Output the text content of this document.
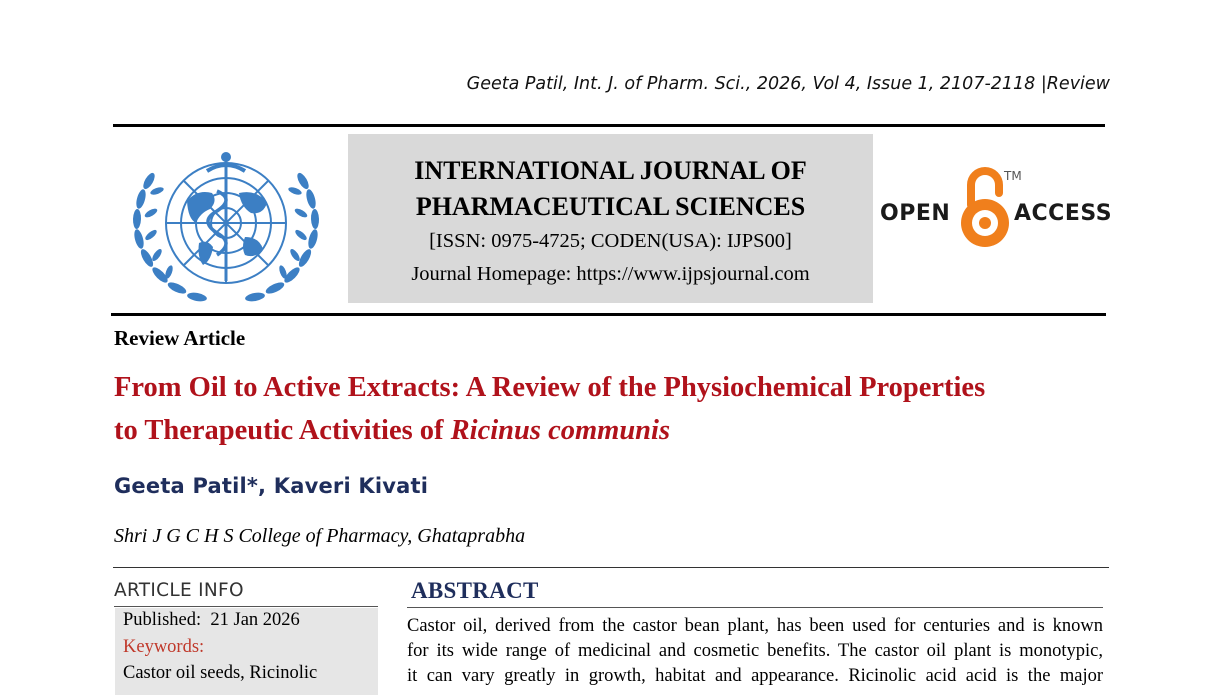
Geeta Patil, Int. J. of Pharm. Sci., 2026, Vol 4, Issue 1, 2107-2118 |Review
INTERNATIONAL JOURNAL OF
PHARMACEUTICAL SCIENCES
[ISSN: 0975-4725; CODEN(USA): IJPS00]
Journal Homepage: https://www.ijpsjournal.com
OPEN
TM
ACCESS
Review Article
From Oil to Active Extracts: A Review of the Physiochemical Properties
to Therapeutic Activities of Ricinus communis
Geeta Patil*, Kaveri Kivati
Shri J G C H S College of Pharmacy, Ghataprabha
ARTICLE INFO
Published: 21 Jan 2026
Keywords:
Castor oil seeds, Ricinolic
ABSTRACT
Castor oil, derived from the castor bean plant, has been used for centuries and is known
for its wide range of medicinal and cosmetic benefits. The castor oil plant is monotypic,
it can vary greatly in growth, habitat and appearance. Ricinolic acid acid is the major
